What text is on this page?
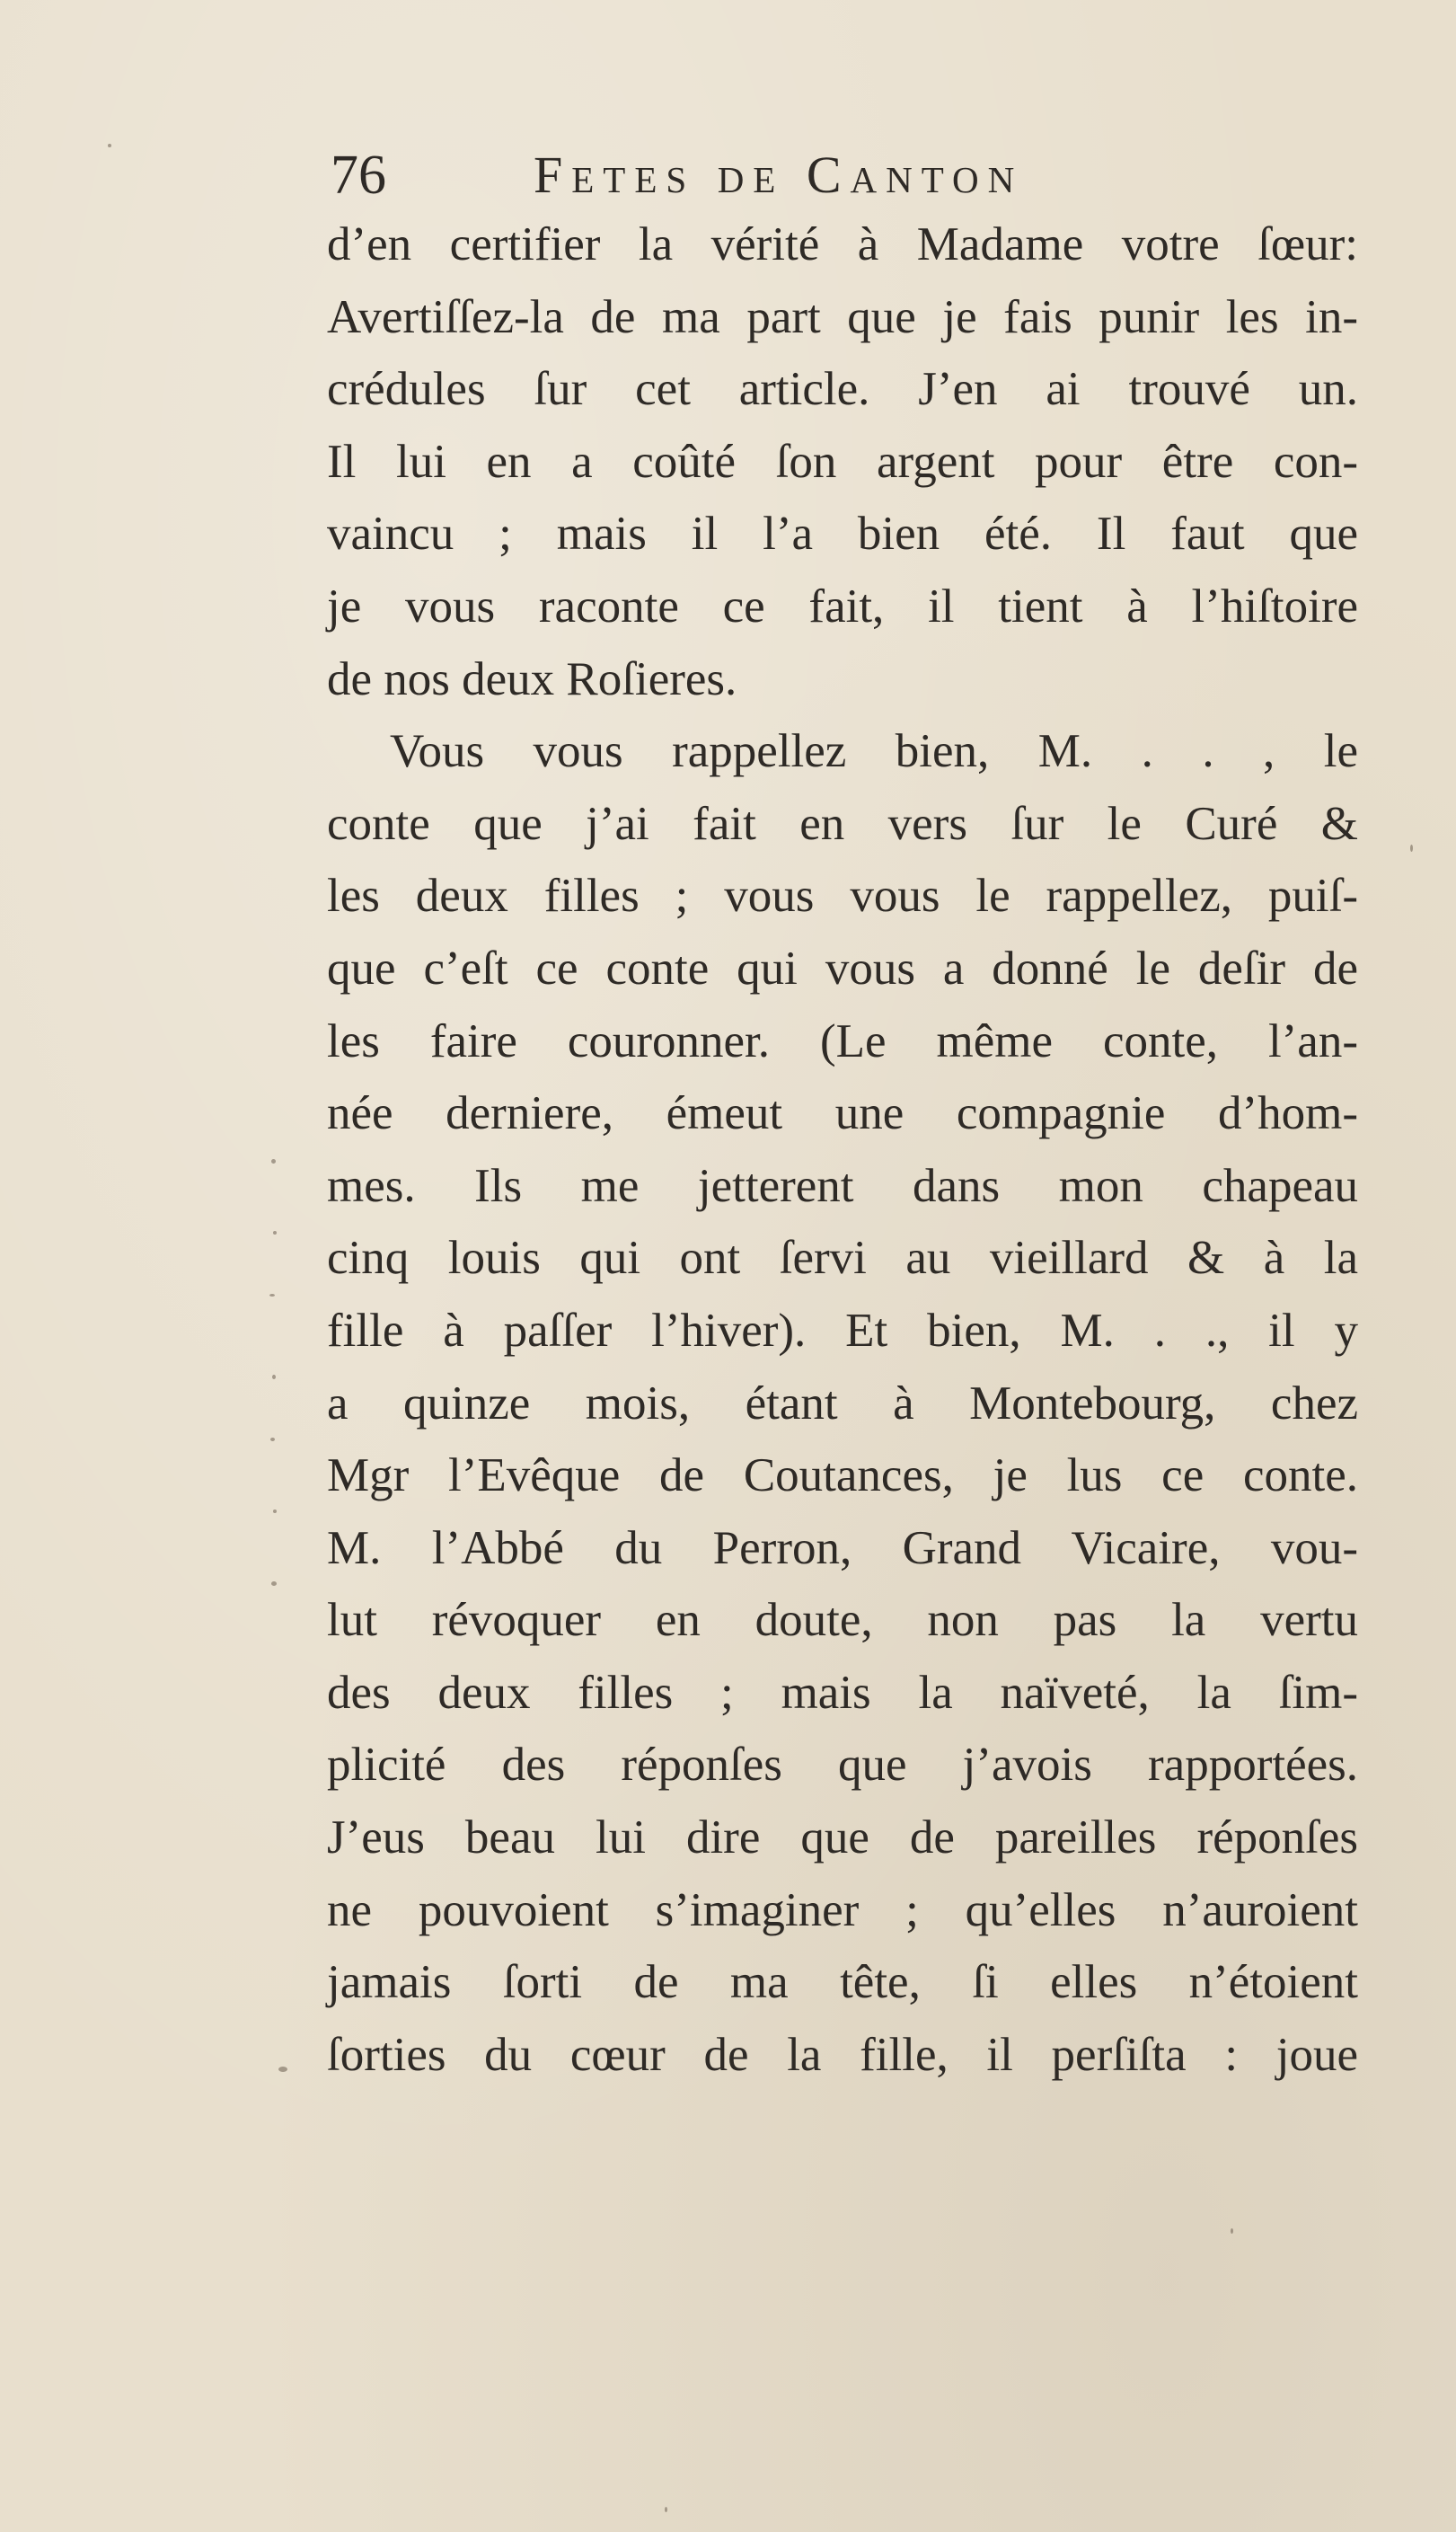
76	Fetes de Canton
d’en certifier la vérité à Madame votre ſœur:
Avertiſſez-la de ma part que je fais punir les in-
crédules ſur cet article. J’en ai trouvé un.
Il lui en a coûté ſon argent pour être con-
vaincu ; mais il l’a bien été. Il faut que
je vous raconte ce fait, il tient à l’hiſtoire
de nos deux Roſieres.
Vous vous rappellez bien, M. . . , le
conte que j’ai fait en vers ſur le Curé &
les deux filles ; vous vous le rappellez, puiſ-
que c’eſt ce conte qui vous a donné le deſir de
les faire couronner. (Le même conte, l’an-
née derniere, émeut une compagnie d’hom-
mes. Ils me jetterent dans mon chapeau
cinq louis qui ont ſervi au vieillard & à la
fille à paſſer l’hiver). Et bien, M. . ., il y
a quinze mois, étant à Montebourg, chez
Mgr l’Evêque de Coutances, je lus ce conte.
M. l’Abbé du Perron, Grand Vicaire, vou-
lut révoquer en doute, non pas la vertu
des deux filles ; mais la naïveté, la ſim-
plicité des réponſes que j’avois rapportées.
J’eus beau lui dire que de pareilles réponſes
ne pouvoient s’imaginer ; qu’elles n’auroient
jamais ſorti de ma tête, ſi elles n’étoient
ſorties du cœur de la fille, il perſiſta : joue
